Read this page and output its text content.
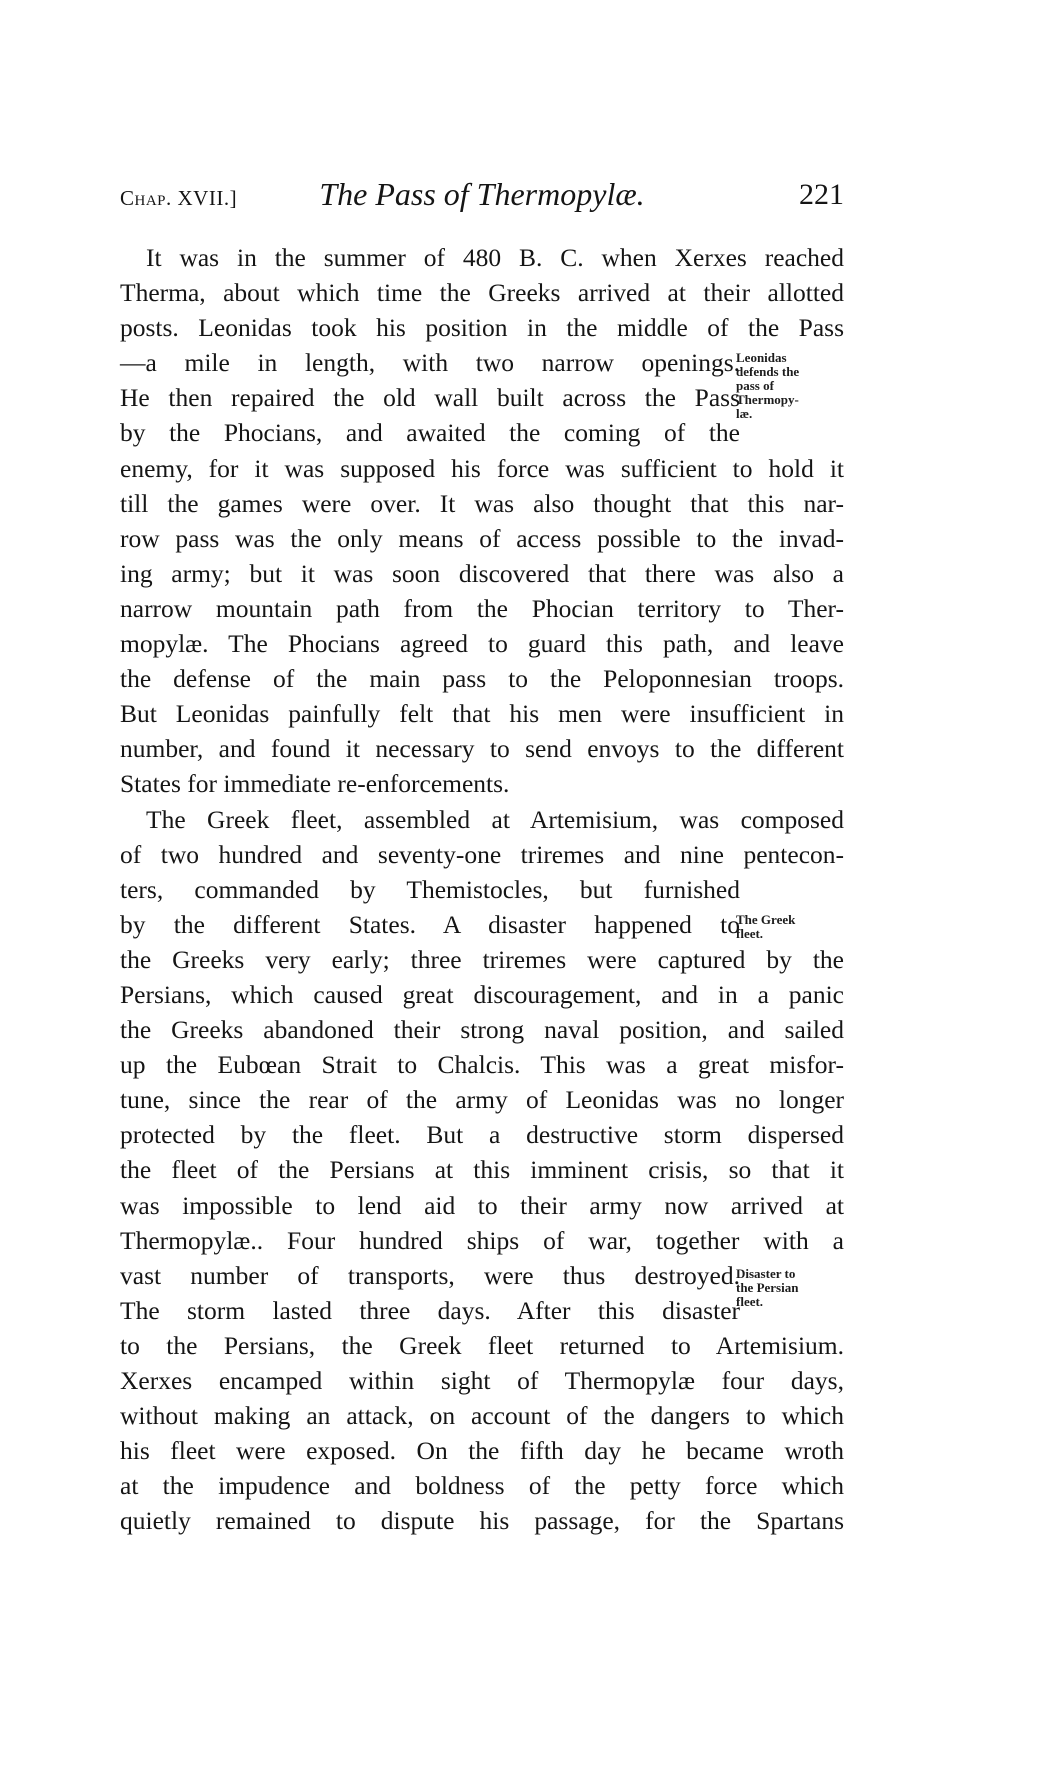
Chap. XVII.]	The Pass of Thermopylæ.	221
It was in the summer of 480 B. C. when Xerxes reached
Therma, about which time the Greeks arrived at their allotted
posts. Leonidas took his position in the middle of the Pass
—a mile in length, with two narrow openings.
He then repaired the old wall built across the Pass
by the Phocians, and awaited the coming of the
enemy, for it was supposed his force was sufficient to hold it
till the games were over. It was also thought that this nar-
row pass was the only means of access possible to the invad-
ing army; but it was soon discovered that there was also a
narrow mountain path from the Phocian territory to Ther-
mopylæ. The Phocians agreed to guard this path, and leave
the defense of the main pass to the Peloponnesian troops.
But Leonidas painfully felt that his men were insufficient in
number, and found it necessary to send envoys to the different
States for immediate re-enforcements.
The Greek fleet, assembled at Artemisium, was composed
of two hundred and seventy-one triremes and nine pentecon-
ters, commanded by Themistocles, but furnished
by the different States. A disaster happened to
the Greeks very early; three triremes were captured by the
Persians, which caused great discouragement, and in a panic
the Greeks abandoned their strong naval position, and sailed
up the Eubœan Strait to Chalcis. This was a great misfor-
tune, since the rear of the army of Leonidas was no longer
protected by the fleet. But a destructive storm dispersed
the fleet of the Persians at this imminent crisis, so that it
was impossible to lend aid to their army now arrived at
Thermopylæ.. Four hundred ships of war, together with a
vast number of transports, were thus destroyed.
The storm lasted three days. After this disaster
to the Persians, the Greek fleet returned to Artemisium.
Xerxes encamped within sight of Thermopylæ four days,
without making an attack, on account of the dangers to which
his fleet were exposed. On the fifth day he became wroth
at the impudence and boldness of the petty force which
quietly remained to dispute his passage, for the Spartans
Leonidas
defends the
pass of
Thermopy-
læ.
The Greek
fleet.
Disaster to
the Persian
fleet.
